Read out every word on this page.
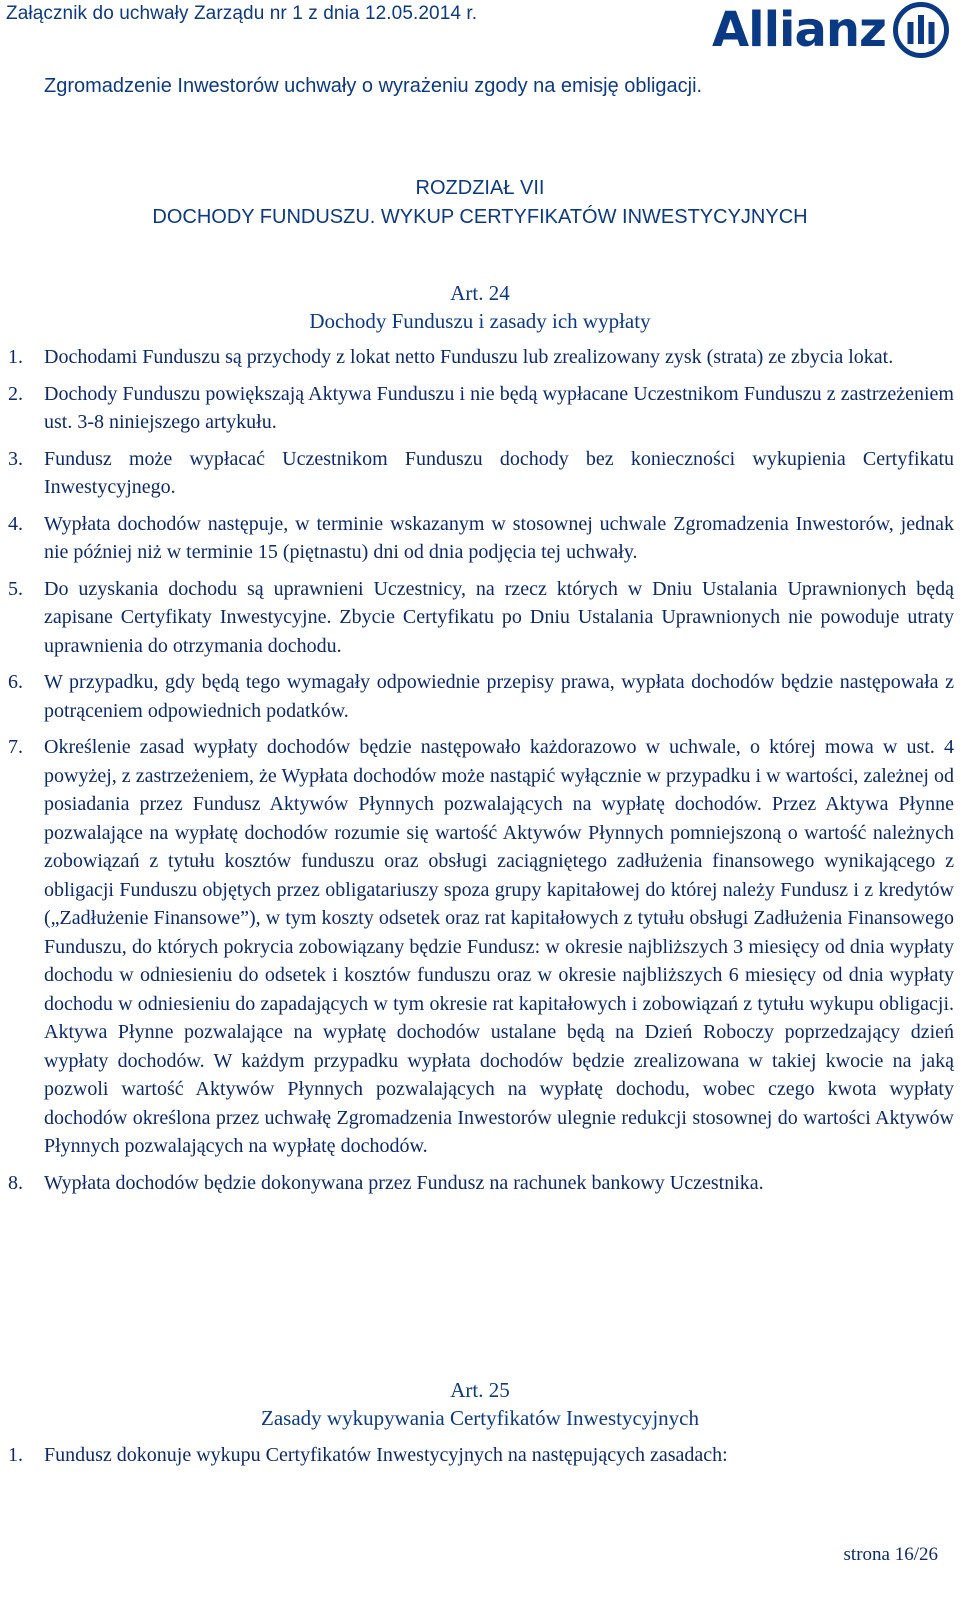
Załącznik do uchwały Zarządu nr 1 z dnia 12.05.2014 r.	Allianz
Zgromadzenie Inwestorów uchwały o wyrażeniu zgody na emisję obligacji.
ROZDZIAŁ VII
DOCHODY FUNDUSZU. WYKUP CERTYFIKATÓW INWESTYCYJNYCH
Art. 24
Dochody Funduszu i zasady ich wypłaty
1. Dochodami Funduszu są przychody z lokat netto Funduszu lub zrealizowany zysk (strata) ze zbycia lokat.
2. Dochody Funduszu powiększają Aktywa Funduszu i nie będą wypłacane Uczestnikom Funduszu z zastrzeżeniem ust. 3-8 niniejszego artykułu.
3. Fundusz może wypłacać Uczestnikom Funduszu dochody bez konieczności wykupienia Certyfikatu Inwestycyjnego.
4. Wypłata dochodów następuje, w terminie wskazanym w stosownej uchwale Zgromadzenia Inwestorów, jednak nie później niż w terminie 15 (piętnastu) dni od dnia podjęcia tej uchwały.
5. Do uzyskania dochodu są uprawnieni Uczestnicy, na rzecz których w Dniu Ustalania Uprawnionych będą zapisane Certyfikaty Inwestycyjne. Zbycie Certyfikatu po Dniu Ustalania Uprawnionych nie powoduje utraty uprawnienia do otrzymania dochodu.
6. W przypadku, gdy będą tego wymagały odpowiednie przepisy prawa, wypłata dochodów będzie następowała z potrąceniem odpowiednich podatków.
7. Określenie zasad wypłaty dochodów będzie następowało każdorazowo w uchwale, o której mowa w ust. 4 powyżej, z zastrzeżeniem, że Wypłata dochodów może nastąpić wyłącznie w przypadku i w wartości, zależnej od posiadania przez Fundusz Aktywów Płynnych pozwalających na wypłatę dochodów. Przez Aktywa Płynne pozwalające na wypłatę dochodów rozumie się wartość Aktywów Płynnych pomniejszoną o wartość należnych zobowiązań z tytułu kosztów funduszu oraz obsługi zaciągniętego zadłużenia finansowego wynikającego z obligacji Funduszu objętych przez obligatariuszy spoza grupy kapitałowej do której należy Fundusz i z kredytów („Zadłużenie Finansowe”), w tym koszty odsetek oraz rat kapitałowych z tytułu obsługi Zadłużenia Finansowego Funduszu, do których pokrycia zobowiązany będzie Fundusz: w okresie najbliższych 3 miesięcy od dnia wypłaty dochodu w odniesieniu do odsetek i kosztów funduszu oraz w okresie najbliższych 6 miesięcy od dnia wypłaty dochodu w odniesieniu do zapadających w tym okresie rat kapitałowych i zobowiązań z tytułu wykupu obligacji. Aktywa Płynne pozwalające na wypłatę dochodów ustalane będą na Dzień Roboczy poprzedzający dzień wypłaty dochodów. W każdym przypadku wypłata dochodów będzie zrealizowana w takiej kwocie na jaką pozwoli wartość Aktywów Płynnych pozwalających na wypłatę dochodu, wobec czego kwota wypłaty dochodów określona przez uchwałę Zgromadzenia Inwestorów ulegnie redukcji stosownej do wartości Aktywów Płynnych pozwalających na wypłatę dochodów.
8. Wypłata dochodów będzie dokonywana przez Fundusz na rachunek bankowy Uczestnika.
Art. 25
Zasady wykupywania Certyfikatów Inwestycyjnych
1. Fundusz dokonuje wykupu Certyfikatów Inwestycyjnych na następujących zasadach:
strona 16/26
